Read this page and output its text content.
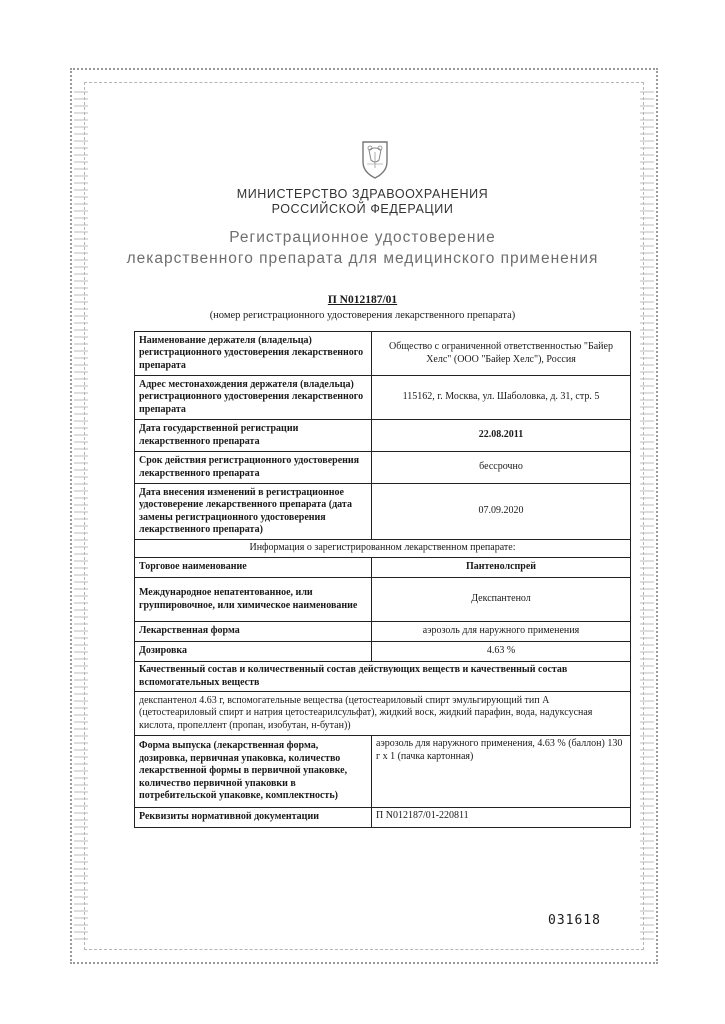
МИНИСТЕРСТВО ЗДРАВООХРАНЕНИЯ
РОССИЙСКОЙ ФЕДЕРАЦИИ
Регистрационное удостоверение
лекарственного препарата для медицинского применения
П N012187/01
(номер регистрационного удостоверения лекарственного препарата)
Наименование держателя (владельца) регистрационного удостоверения лекарственного препарата	Общество с ограниченной ответственностью "Байер Хелс" (ООО "Байер Хелс"), Россия
Адрес местонахождения держателя (владельца) регистрационного удостоверения лекарственного препарата	115162, г. Москва, ул. Шаболовка, д. 31, стр. 5
Дата государственной регистрации лекарственного препарата	22.08.2011
Срок действия регистрационного удостоверения лекарственного препарата	бессрочно
Дата внесения изменений в регистрационное удостоверение лекарственного препарата (дата замены регистрационного удостоверения лекарственного препарата)	07.09.2020
Информация о зарегистрированном лекарственном препарате:	
Торговое наименование	Пантенолспрей
Международное непатентованное, или группировочное, или химическое наименование	Декспантенол
Лекарственная форма	аэрозоль для наружного применения
Дозировка	4.63 %
Качественный состав и количественный состав действующих веществ и качественный состав вспомогательных веществ	
декспантенол 4.63 г, вспомогательные вещества (цетостеариловый спирт эмульгирующий тип А (цетостеариловый спирт и натрия цетостеарилсульфат), жидкий воск, жидкий парафин, вода, надуксусная кислота, пропеллент (пропан, изобутан, н-бутан))	
Форма выпуска (лекарственная форма, дозировка, первичная упаковка, количество лекарственной формы в первичной упаковке, количество первичной упаковки в потребительской упаковке, комплектность)	аэрозоль для наружного применения, 4.63 % (баллон) 130 г x 1 (пачка картонная)
Реквизиты нормативной документации	П N012187/01-220811
031618
